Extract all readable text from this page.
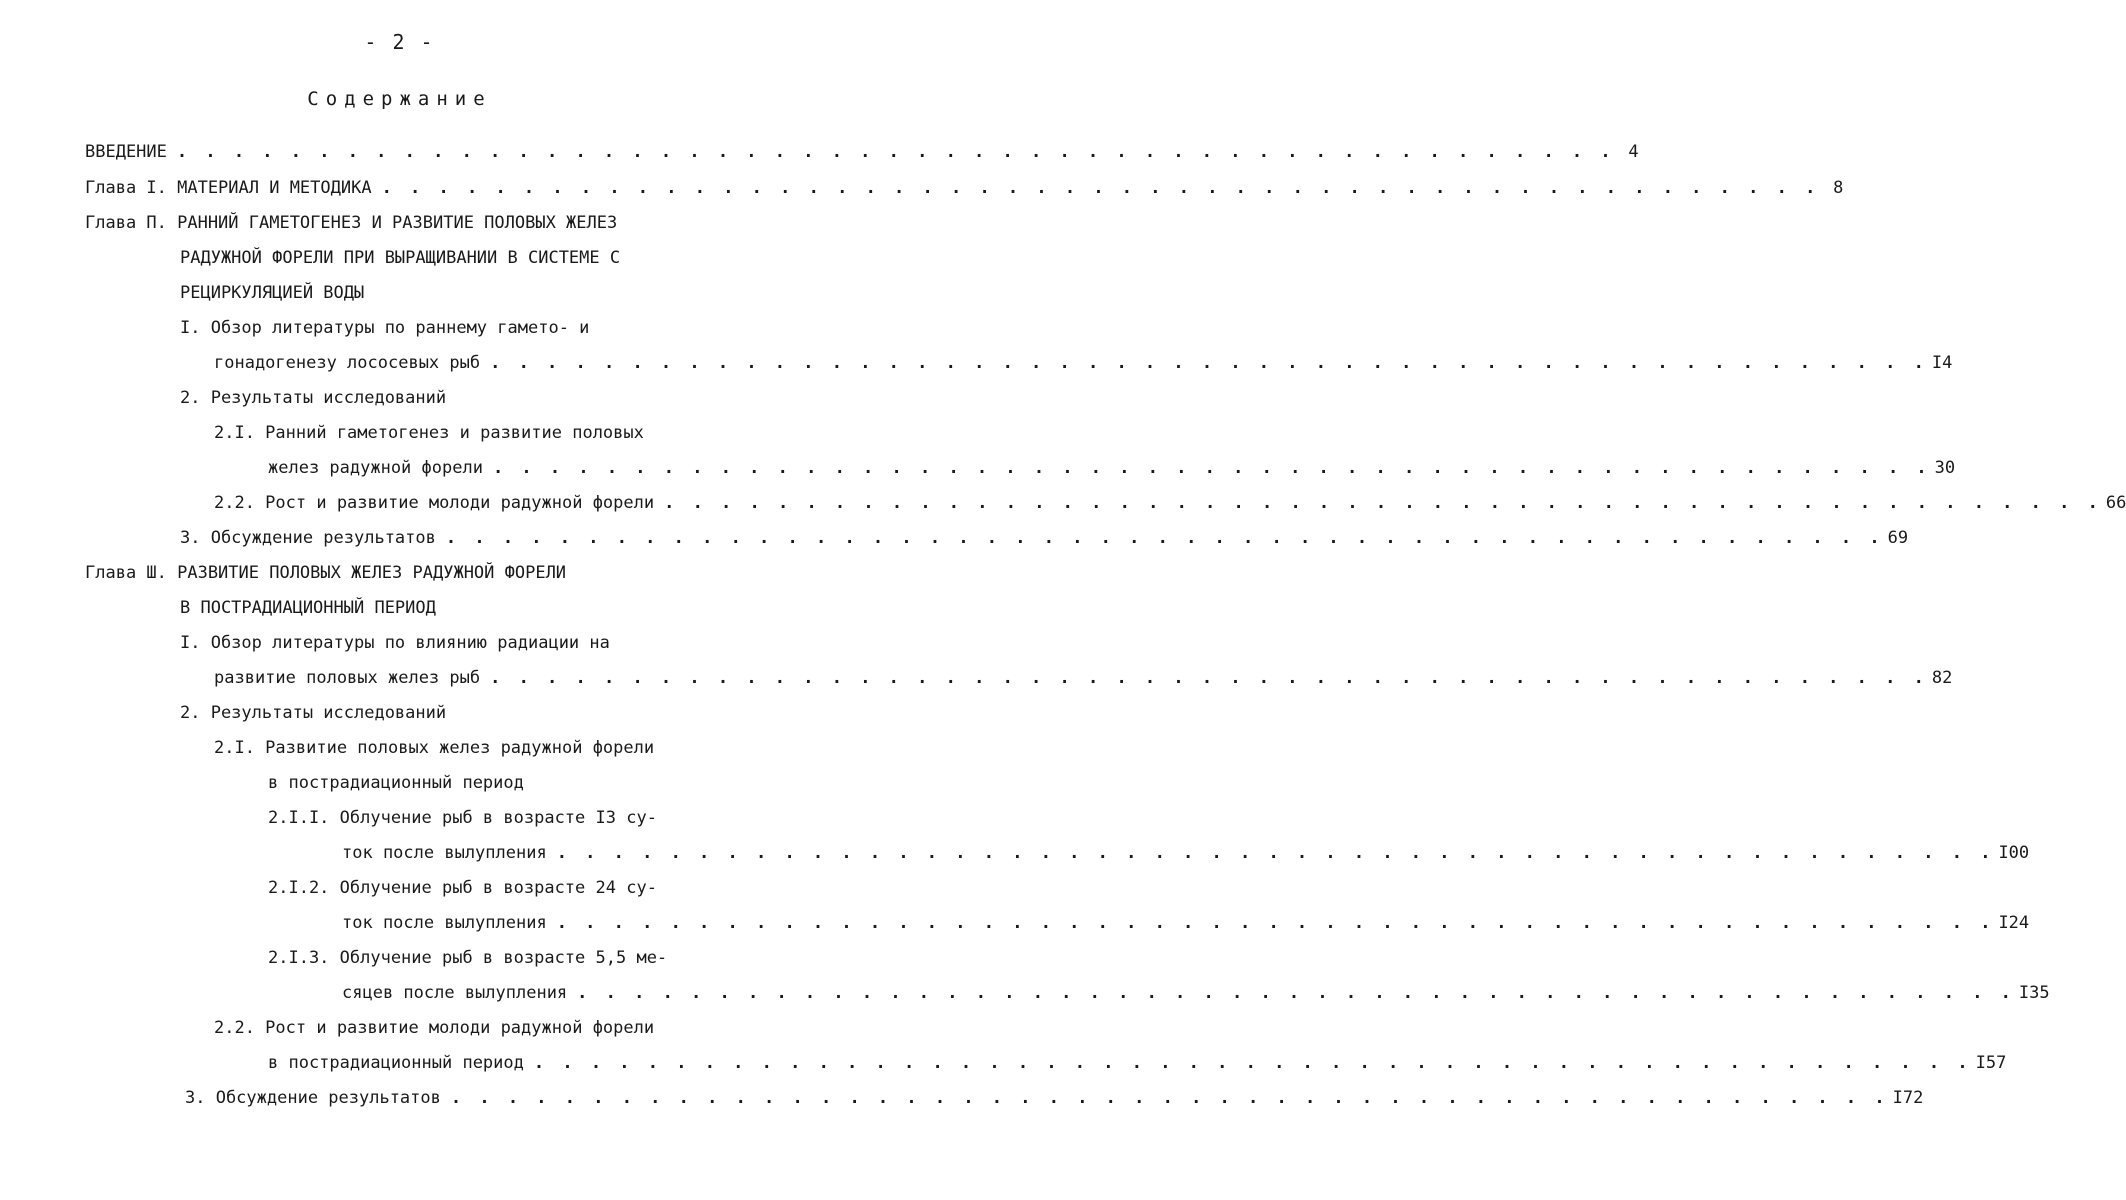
- 2 -
Содержание
ВВЕДЕНИЕ . . . . . . . . . . . . . . . . . . . . . . . . . . . . . . . . . . . . . . . . . . . . . . . . . . . 4
Глава I. МАТЕРИАЛ И МЕТОДИКА . . . . . . . . . . . . . . . . . . . . . . . . . . . . . . . . . . . . . . . . . . . . . . . . . . . 8
Глава П. РАННИЙ ГАМЕТОГЕНЕЗ И РАЗВИТИЕ ПОЛОВЫХ ЖЕЛЕЗ
РАДУЖНОЙ ФОРЕЛИ ПРИ ВЫРАЩИВАНИИ В СИСТЕМЕ С
РЕЦИРКУЛЯЦИЕЙ ВОДЫ
I. Обзор литературы по раннему гамето- и
гонадогенезу лососевых рыб . . . . . . . . . . . . . . . . . . . . . . . . . . . . . . . . . . . . . . . . . . . . . . . . . . . I4
2. Результаты исследований
2.I. Ранний гаметогенез и развитие половых
желез радужной форели . . . . . . . . . . . . . . . . . . . . . . . . . . . . . . . . . . . . . . . . . . . . . . . . . . . 30
2.2. Рост и развитие молоди радужной форели . . . . . . . . . . . . . . . . . . . . . . . . . . . . . . . . . . . . . . . . . . . . . . . . . . . 66
3. Обсуждение результатов . . . . . . . . . . . . . . . . . . . . . . . . . . . . . . . . . . . . . . . . . . . . . . . . . . . 69
Глава Ш. РАЗВИТИЕ ПОЛОВЫХ ЖЕЛЕЗ РАДУЖНОЙ ФОРЕЛИ
В ПОСТРАДИАЦИОННЫЙ ПЕРИОД
I. Обзор литературы по влиянию радиации на
развитие половых желез рыб . . . . . . . . . . . . . . . . . . . . . . . . . . . . . . . . . . . . . . . . . . . . . . . . . . . 82
2. Результаты исследований
2.I. Развитие половых желез радужной форели
в пострадиационный период
2.I.I. Облучение рыб в возрасте I3 су-
ток после вылупления . . . . . . . . . . . . . . . . . . . . . . . . . . . . . . . . . . . . . . . . . . . . . . . . . . . I00
2.I.2. Облучение рыб в возрасте 24 су-
ток после вылупления . . . . . . . . . . . . . . . . . . . . . . . . . . . . . . . . . . . . . . . . . . . . . . . . . . . I24
2.I.3. Облучение рыб в возрасте 5,5 ме-
сяцев после вылупления . . . . . . . . . . . . . . . . . . . . . . . . . . . . . . . . . . . . . . . . . . . . . . . . . . . I35
2.2. Рост и развитие молоди радужной форели
в пострадиационный период . . . . . . . . . . . . . . . . . . . . . . . . . . . . . . . . . . . . . . . . . . . . . . . . . . . I57
3. Обсуждение результатов . . . . . . . . . . . . . . . . . . . . . . . . . . . . . . . . . . . . . . . . . . . . . . . . . . . I72
